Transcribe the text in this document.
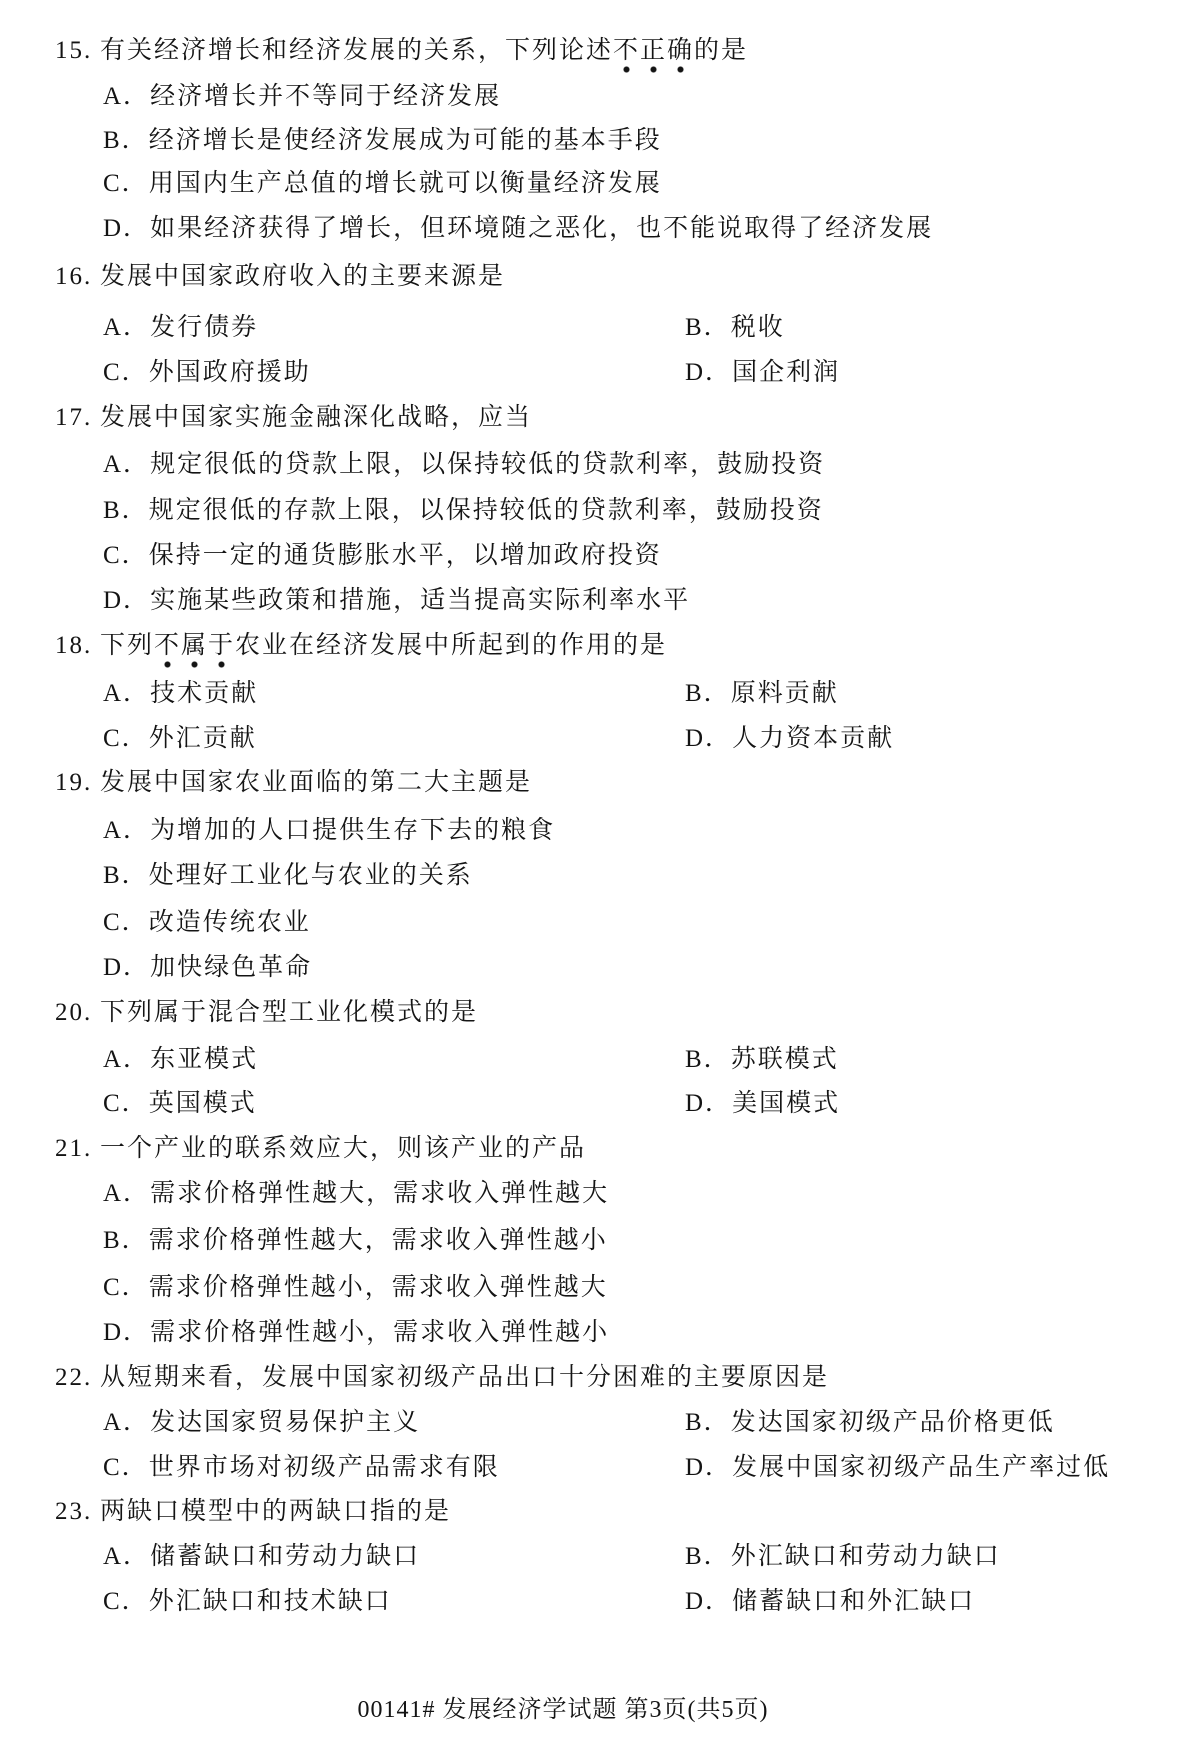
15. 有关经济增长和经济发展的关系，下列论述不正确的是
A．经济增长并不等同于经济发展
B．经济增长是使经济发展成为可能的基本手段
C．用国内生产总值的增长就可以衡量经济发展
D．如果经济获得了增长，但环境随之恶化，也不能说取得了经济发展
16. 发展中国家政府收入的主要来源是
A．发行债券	B．税收
C．外国政府援助	D．国企利润
17. 发展中国家实施金融深化战略，应当
A．规定很低的贷款上限，以保持较低的贷款利率，鼓励投资
B．规定很低的存款上限，以保持较低的贷款利率，鼓励投资
C．保持一定的通货膨胀水平，以增加政府投资
D．实施某些政策和措施，适当提高实际利率水平
18. 下列不属于农业在经济发展中所起到的作用的是
A．技术贡献	B．原料贡献
C．外汇贡献	D．人力资本贡献
19. 发展中国家农业面临的第二大主题是
A．为增加的人口提供生存下去的粮食
B．处理好工业化与农业的关系
C．改造传统农业
D．加快绿色革命
20. 下列属于混合型工业化模式的是
A．东亚模式	B．苏联模式
C．英国模式	D．美国模式
21. 一个产业的联系效应大，则该产业的产品
A．需求价格弹性越大，需求收入弹性越大
B．需求价格弹性越大，需求收入弹性越小
C．需求价格弹性越小，需求收入弹性越大
D．需求价格弹性越小，需求收入弹性越小
22. 从短期来看，发展中国家初级产品出口十分困难的主要原因是
A．发达国家贸易保护主义	B．发达国家初级产品价格更低
C．世界市场对初级产品需求有限	D．发展中国家初级产品生产率过低
23. 两缺口模型中的两缺口指的是
A．储蓄缺口和劳动力缺口	B．外汇缺口和劳动力缺口
C．外汇缺口和技术缺口	D．储蓄缺口和外汇缺口
00141# 发展经济学试题 第3页(共5页)
